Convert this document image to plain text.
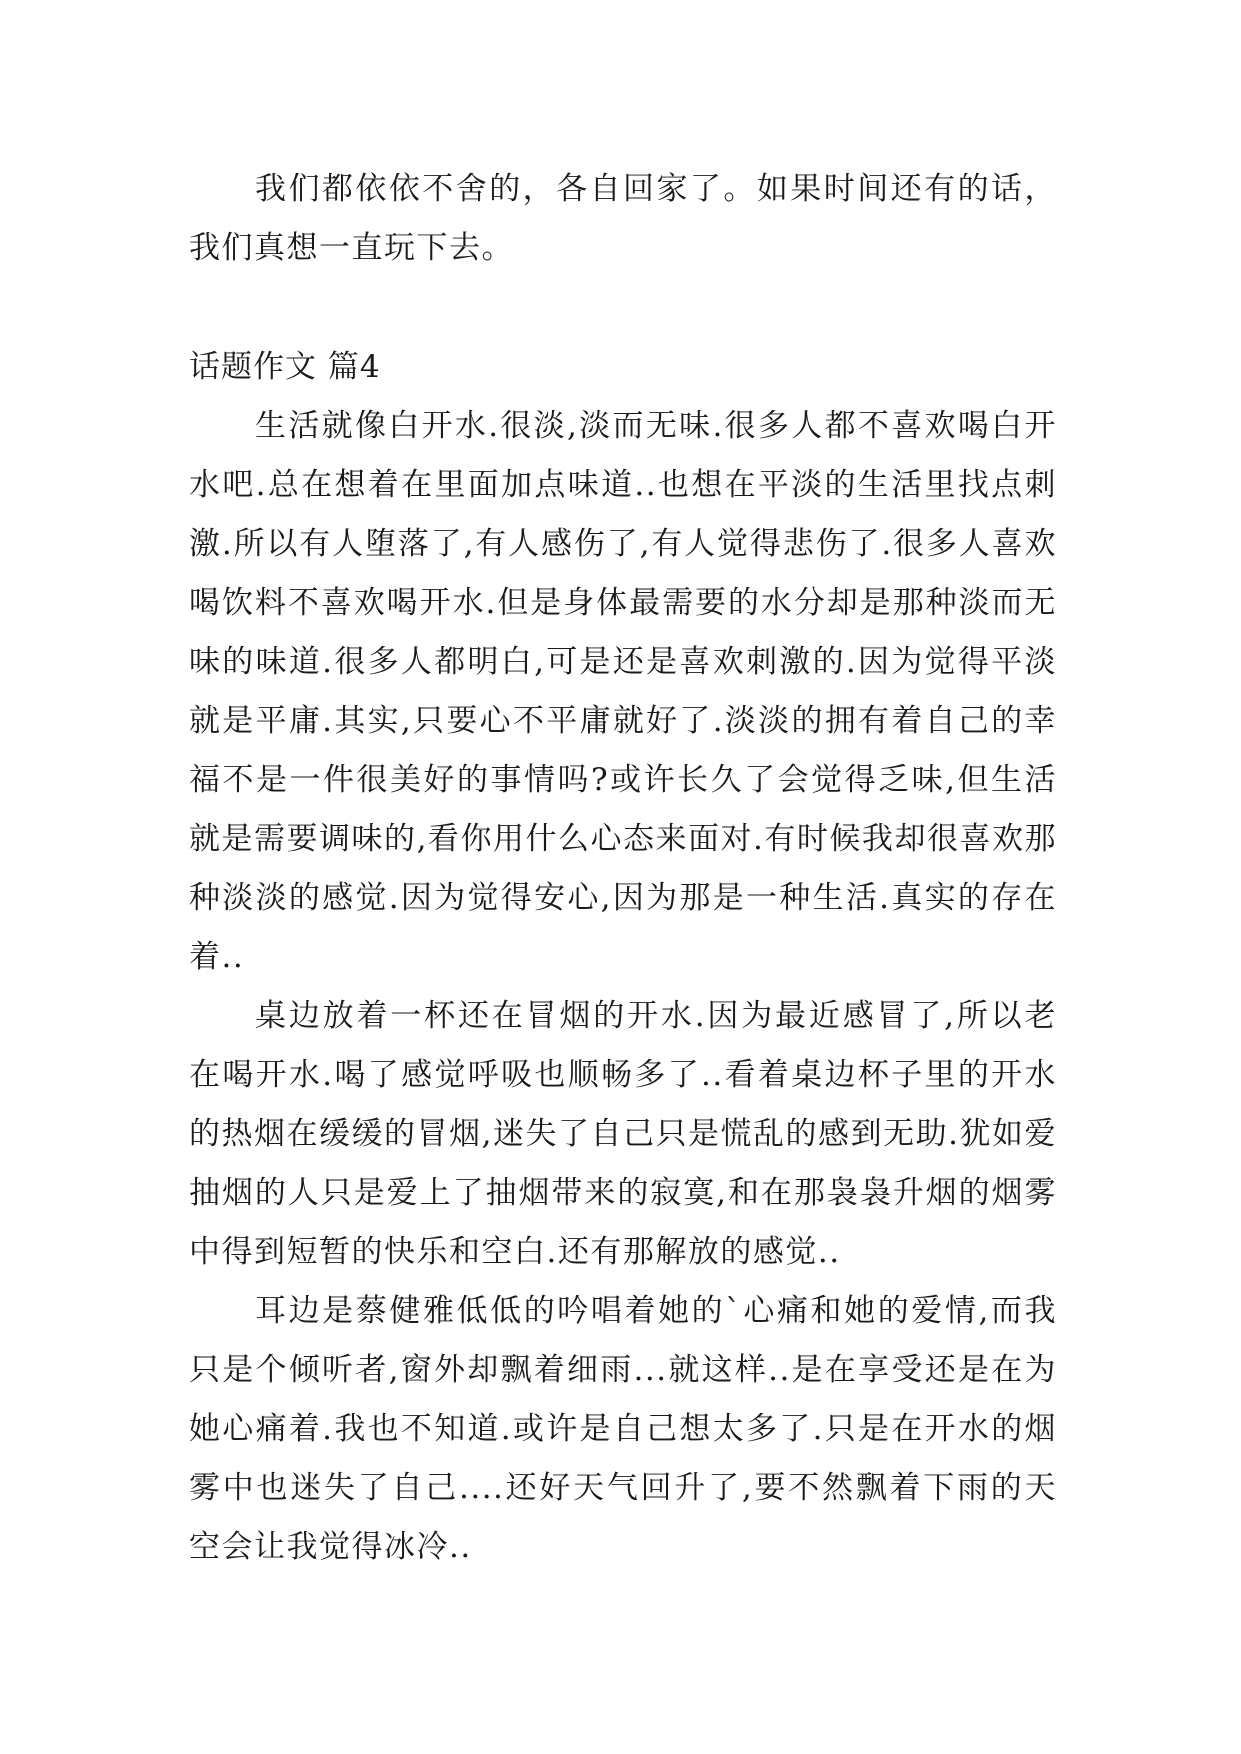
我们都依依不舍的，各自回家了。如果时间还有的话，我们真想一直玩下去。

话题作文 篇4

生活就像白开水.很淡,淡而无味.很多人都不喜欢喝白开水吧.总在想着在里面加点味道..也想在平淡的生活里找点刺激.所以有人堕落了,有人感伤了,有人觉得悲伤了.很多人喜欢喝饮料不喜欢喝开水.但是身体最需要的水分却是那种淡而无味的味道.很多人都明白,可是还是喜欢刺激的.因为觉得平淡就是平庸.其实,只要心不平庸就好了.淡淡的拥有着自己的幸福不是一件很美好的事情吗?或许长久了会觉得乏味,但生活就是需要调味的,看你用什么心态来面对.有时候我却很喜欢那种淡淡的感觉.因为觉得安心,因为那是一种生活.真实的存在着..

桌边放着一杯还在冒烟的开水.因为最近感冒了,所以老在喝开水.喝了感觉呼吸也顺畅多了..看着桌边杯子里的开水的热烟在缓缓的冒烟,迷失了自己只是慌乱的感到无助.犹如爱抽烟的人只是爱上了抽烟带来的寂寞,和在那袅袅升烟的烟雾中得到短暂的快乐和空白.还有那解放的感觉..

耳边是蔡健雅低低的吟唱着她的`心痛和她的爱情,而我只是个倾听者,窗外却飘着细雨...就这样..是在享受还是在为她心痛着.我也不知道.或许是自己想太多了.只是在开水的烟雾中也迷失了自己....还好天气回升了,要不然飘着下雨的天空会让我觉得冰冷..
